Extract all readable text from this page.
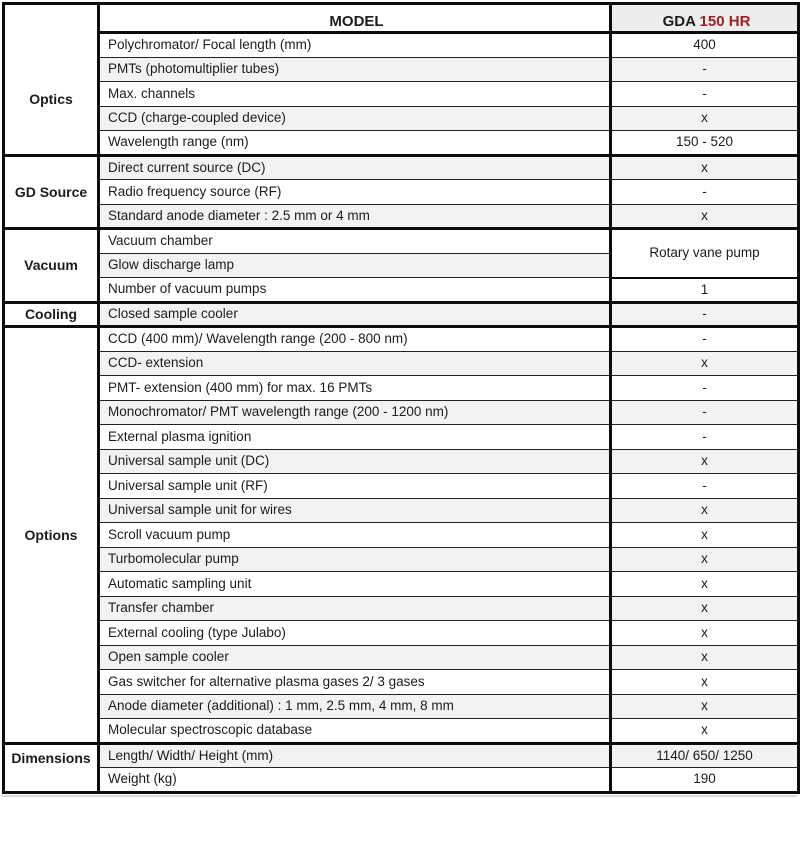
Optics	MODEL	GDA 150 HR
	Polychromator/ Focal length (mm)	400
	PMTs (photomultiplier tubes)	-
	Max. channels	-
	CCD (charge-coupled device)	x
	Wavelength range (nm)	150 - 520
GD Source	Direct current source (DC)	x
	Radio frequency source (RF)	-
	Standard anode diameter : 2.5 mm or 4 mm	x
Vacuum	Vacuum chamber	Rotary vane pump
	Glow discharge lamp	
	Number of vacuum pumps	1
Cooling	Closed sample cooler	-
Options	CCD (400 mm)/ Wavelength range (200 - 800 nm)	-
	CCD- extension	x
	PMT- extension (400 mm) for max. 16 PMTs	-
	Monochromator/ PMT wavelength range (200 - 1200 nm)	-
	External plasma ignition	-
	Universal sample unit (DC)	x
	Universal sample unit (RF)	-
	Universal sample unit for wires	x
	Scroll vacuum pump	x
	Turbomolecular pump	x
	Automatic sampling unit	x
	Transfer chamber	x
	External cooling (type Julabo)	x
	Open sample cooler	x
	Gas switcher for alternative plasma gases 2/ 3 gases	x
	Anode diameter (additional) : 1 mm, 2.5 mm, 4 mm, 8 mm	x
	Molecular spectroscopic database	x
Dimensions	Length/ Width/ Height (mm)	1140/ 650/ 1250
	Weight (kg)	190
